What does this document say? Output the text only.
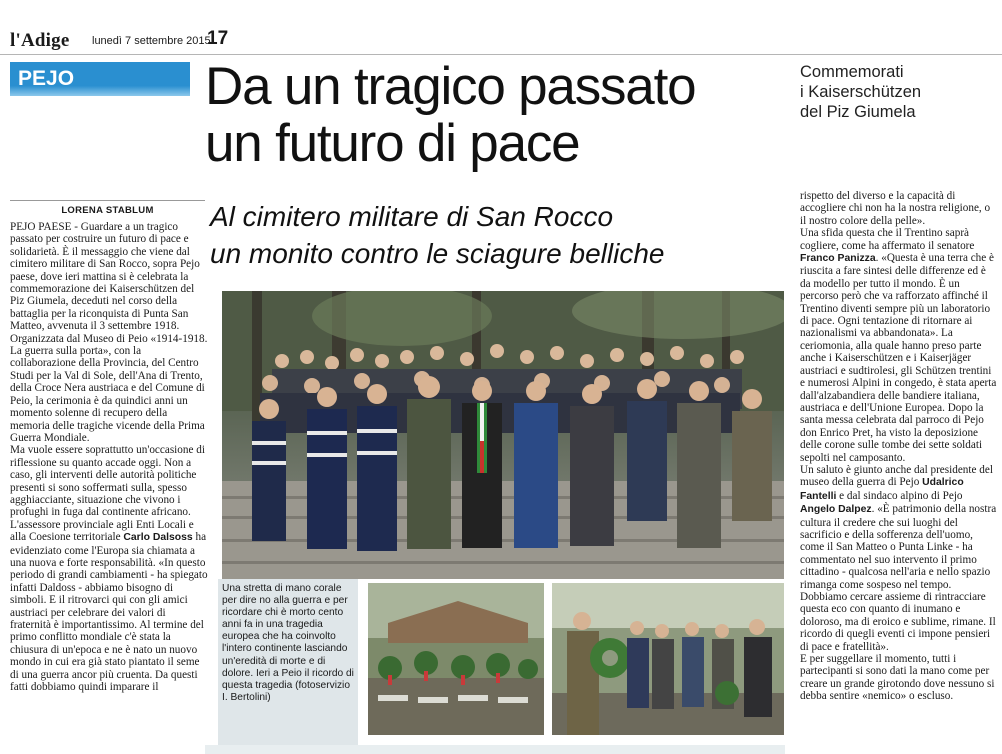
l'Adige lunedì 7 settembre 2015
17
PEJO	Da un tragico passato
un futuro di pace
Commemorati
i Kaiserschützen
del Piz Giumela
Al cimitero militare di San Rocco
un monito contro le sciagure belliche
LORENA STABLUM

PEJO PAESE - Guardare a un tragico passato per costruire un futuro di pace e solidarietà. È il messaggio che viene dal cimitero militare di San Rocco, sopra Pejo paese, dove ieri mattina si è celebrata la commemorazione dei Kaiserschützen del Piz Giumela, deceduti nel corso della battaglia per la riconquista di Punta San Matteo, avvenuta il 3 settembre 1918. Organizzata dal Museo di Peio «1914-1918. La guerra sulla porta», con la collaborazione della Provincia, del Centro Studi per la Val di Sole, dell'Ana di Trento, della Croce Nera austriaca e del Comune di Peio, la cerimonia è da quindici anni un momento solenne di recupero della memoria delle tragiche vicende della Prima Guerra Mondiale.

Ma vuole essere soprattutto un'occasione di riflessione su quanto accade oggi. Non a caso, gli interventi delle autorità politiche presenti si sono soffermati sulla, spesso agghiacciante, situazione che vivono i profughi in fuga dal continente africano. L'assessore provinciale agli Enti Locali e alla Coesione territoriale Carlo Dalsoss ha evidenziato come l'Europa sia chiamata a una nuova e forte responsabilità. «In questo periodo di grandi cambiamenti - ha spiegato infatti Daldoss - abbiamo bisogno di simboli. E il ritrovarci qui con gli amici austriaci per celebrare dei valori di fraternità è importantissimo. Al termine del primo conflitto mondiale c'è stata la chiusura di un'epoca e ne è nato un nuovo mondo in cui era già stato piantato il seme di una guerra ancor più cruenta. Da questi fatti dobbiamo quindi imparare il

rispetto del diverso e la capacità di accogliere chi non ha la nostra religione, o il nostro colore della pelle».

Una sfida questa che il Trentino saprà cogliere, come ha affermato il senatore Franco Panizza. «Questa è una terra che è riuscita a fare sintesi delle differenze ed è da modello per tutto il mondo. È un percorso però che va rafforzato affinché il Trentino diventi sempre più un laboratorio di pace. Ogni tentazione di ritornare ai nazionalismi va abbandonata». La ceriomonia, alla quale hanno preso parte anche i Kaiserschützen e i Kaiserjäger austriaci e sudtirolesi, gli Schützen trentini e numerosi Alpini in congedo, è stata aperta dall'alzabandiera delle bandiere italiana, austriaca e dell'Unione Europea. Dopo la santa messa celebrata dal parroco di Pejo don Enrico Pret, ha visto la deposizione delle corone sulle tombe dei sette soldati sepolti nel camposanto.

Un saluto è giunto anche dal presidente del museo della guerra di Pejo Udalrico Fantelli e dal sindaco alpino di Pejo Angelo Dalpez. «È patrimonio della nostra cultura il credere che sui luoghi del sacrificio e della sofferenza dell'uomo, come il San Matteo o Punta Linke - ha commentato nel suo intervento il primo cittadino - qualcosa nell'aria e nello spazio rimanga come sospeso nel tempo. Dobbiamo cercare assieme di rintracciare questa eco con quanto di inumano e doloroso, ma di eroico e sublime, rimane. Il ricordo di quegli eventi ci impone pensieri di pace e fratellità».

E per suggellare il momento, tutti i partecipanti si sono dati la mano come per creare un grande girotondo dove nessuno si debba sentire «nemico» o escluso.

Una stretta di mano corale per dire no alla guerra e per ricordare chi è morto cento anni fa in una tragedia europea che ha coinvolto l'intero continente lasciando un'eredità di morte e di dolore. Ieri a Peio il ricordo di questa tragedia (fotoservizio I. Bertolini)
